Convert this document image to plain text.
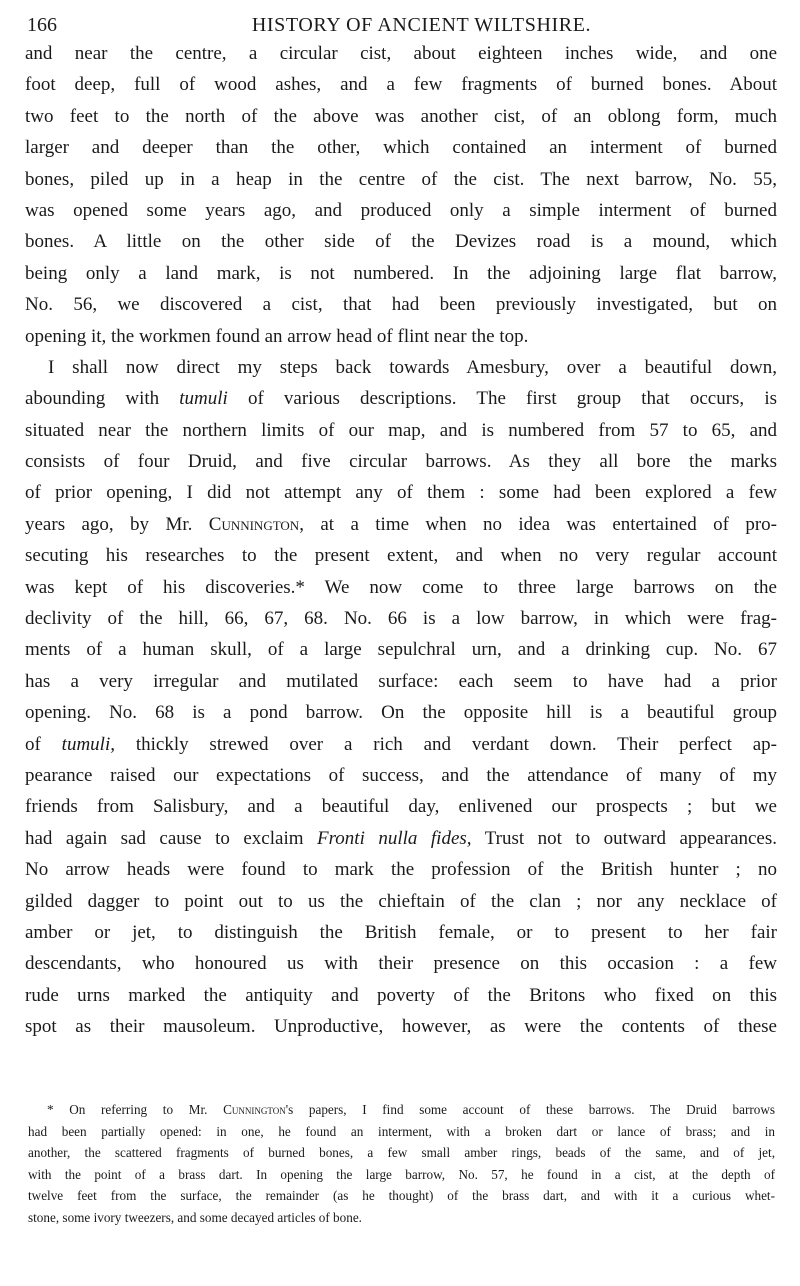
166	HISTORY OF ANCIENT WILTSHIRE.
and near the centre, a circular cist, about eighteen inches wide, and one
foot deep, full of wood ashes, and a few fragments of burned bones. About
two feet to the north of the above was another cist, of an oblong form, much
larger and deeper than the other, which contained an interment of burned
bones, piled up in a heap in the centre of the cist. The next barrow, No. 55,
was opened some years ago, and produced only a simple interment of burned
bones. A little on the other side of the Devizes road is a mound, which
being only a land mark, is not numbered. In the adjoining large flat barrow,
No. 56, we discovered a cist, that had been previously investigated, but on
opening it, the workmen found an arrow head of flint near the top.
I shall now direct my steps back towards Amesbury, over a beautiful down,
abounding with tumuli of various descriptions. The first group that occurs, is
situated near the northern limits of our map, and is numbered from 57 to 65, and
consists of four Druid, and five circular barrows. As they all bore the marks
of prior opening, I did not attempt any of them : some had been explored a few
years ago, by Mr. Cunnington, at a time when no idea was entertained of pro-
secuting his researches to the present extent, and when no very regular account
was kept of his discoveries.* We now come to three large barrows on the
declivity of the hill, 66, 67, 68. No. 66 is a low barrow, in which were frag-
ments of a human skull, of a large sepulchral urn, and a drinking cup. No. 67
has a very irregular and mutilated surface: each seem to have had a prior
opening. No. 68 is a pond barrow. On the opposite hill is a beautiful group
of tumuli, thickly strewed over a rich and verdant down. Their perfect ap-
pearance raised our expectations of success, and the attendance of many of my
friends from Salisbury, and a beautiful day, enlivened our prospects ; but we
had again sad cause to exclaim Fronti nulla fides, Trust not to outward appearances.
No arrow heads were found to mark the profession of the British hunter ; no
gilded dagger to point out to us the chieftain of the clan ; nor any necklace of
amber or jet, to distinguish the British female, or to present to her fair
descendants, who honoured us with their presence on this occasion : a few
rude urns marked the antiquity and poverty of the Britons who fixed on this
spot as their mausoleum. Unproductive, however, as were the contents of these
* On referring to Mr. Cunnington's papers, I find some account of these barrows. The Druid barrows
had been partially opened: in one, he found an interment, with a broken dart or lance of brass; and in
another, the scattered fragments of burned bones, a few small amber rings, beads of the same, and of jet,
with the point of a brass dart. In opening the large barrow, No. 57, he found in a cist, at the depth of
twelve feet from the surface, the remainder (as he thought) of the brass dart, and with it a curious whet-
stone, some ivory tweezers, and some decayed articles of bone.
